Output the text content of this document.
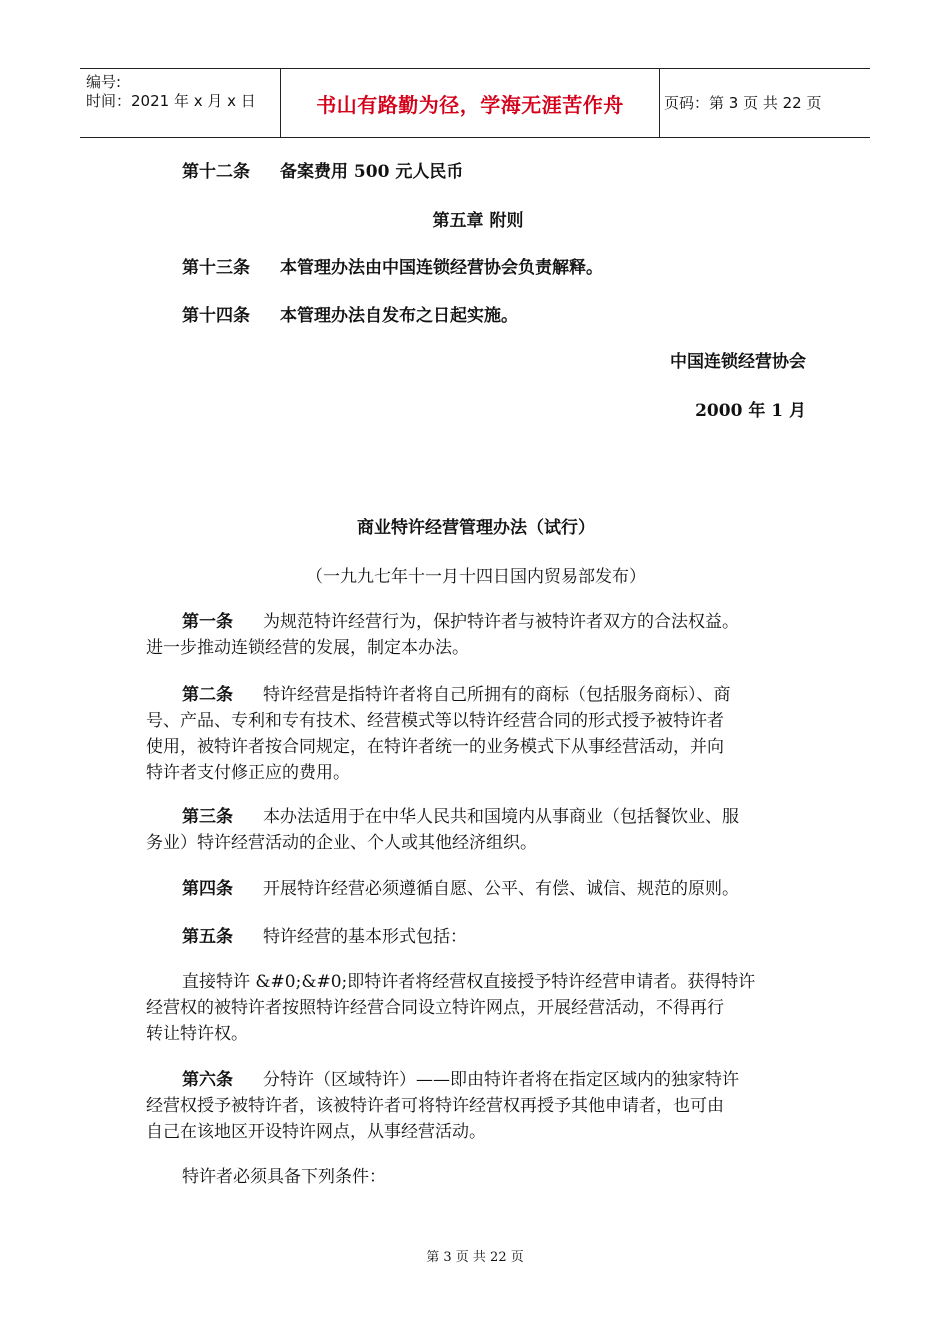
编号:
时间：2021 年 x 月 x 日	书山有路勤为径，学海无涯苦作舟	页码：第 3 页 共 22 页
第十二条 备案费用 500 元人民币
第五章 附则
第十三条 本管理办法由中国连锁经营协会负责解释。
第十四条 本管理办法自发布之日起实施。
中国连锁经营协会
2000 年 1 月
商业特许经营管理办法（试行）
（一九九七年十一月十四日国内贸易部发布）
第一条 为规范特许经营行为，保护特许者与被特许者双方的合法权益。
进一步推动连锁经营的发展，制定本办法。
第二条 特许经营是指特许者将自己所拥有的商标（包括服务商标）、商
号、产品、专利和专有技术、经营模式等以特许经营合同的形式授予被特许者
使用，被特许者按合同规定，在特许者统一的业务模式下从事经营活动，并向
特许者支付修正应的费用。
第三条 本办法适用于在中华人民共和国境内从事商业（包括餐饮业、服
务业）特许经营活动的企业、个人或其他经济组织。
第四条 开展特许经营必须遵循自愿、公平、有偿、诚信、规范的原则。
第五条 特许经营的基本形式包括：
直接特许 &#0;&#0;即特许者将经营权直接授予特许经营申请者。获得特许
经营权的被特许者按照特许经营合同设立特许网点，开展经营活动，不得再行
转让特许权。
第六条 分特许（区域特许）——即由特许者将在指定区域内的独家特许
经营权授予被特许者，该被特许者可将特许经营权再授予其他申请者，也可由
自己在该地区开设特许网点，从事经营活动。
特许者必须具备下列条件：
第 3 页 共 22 页
